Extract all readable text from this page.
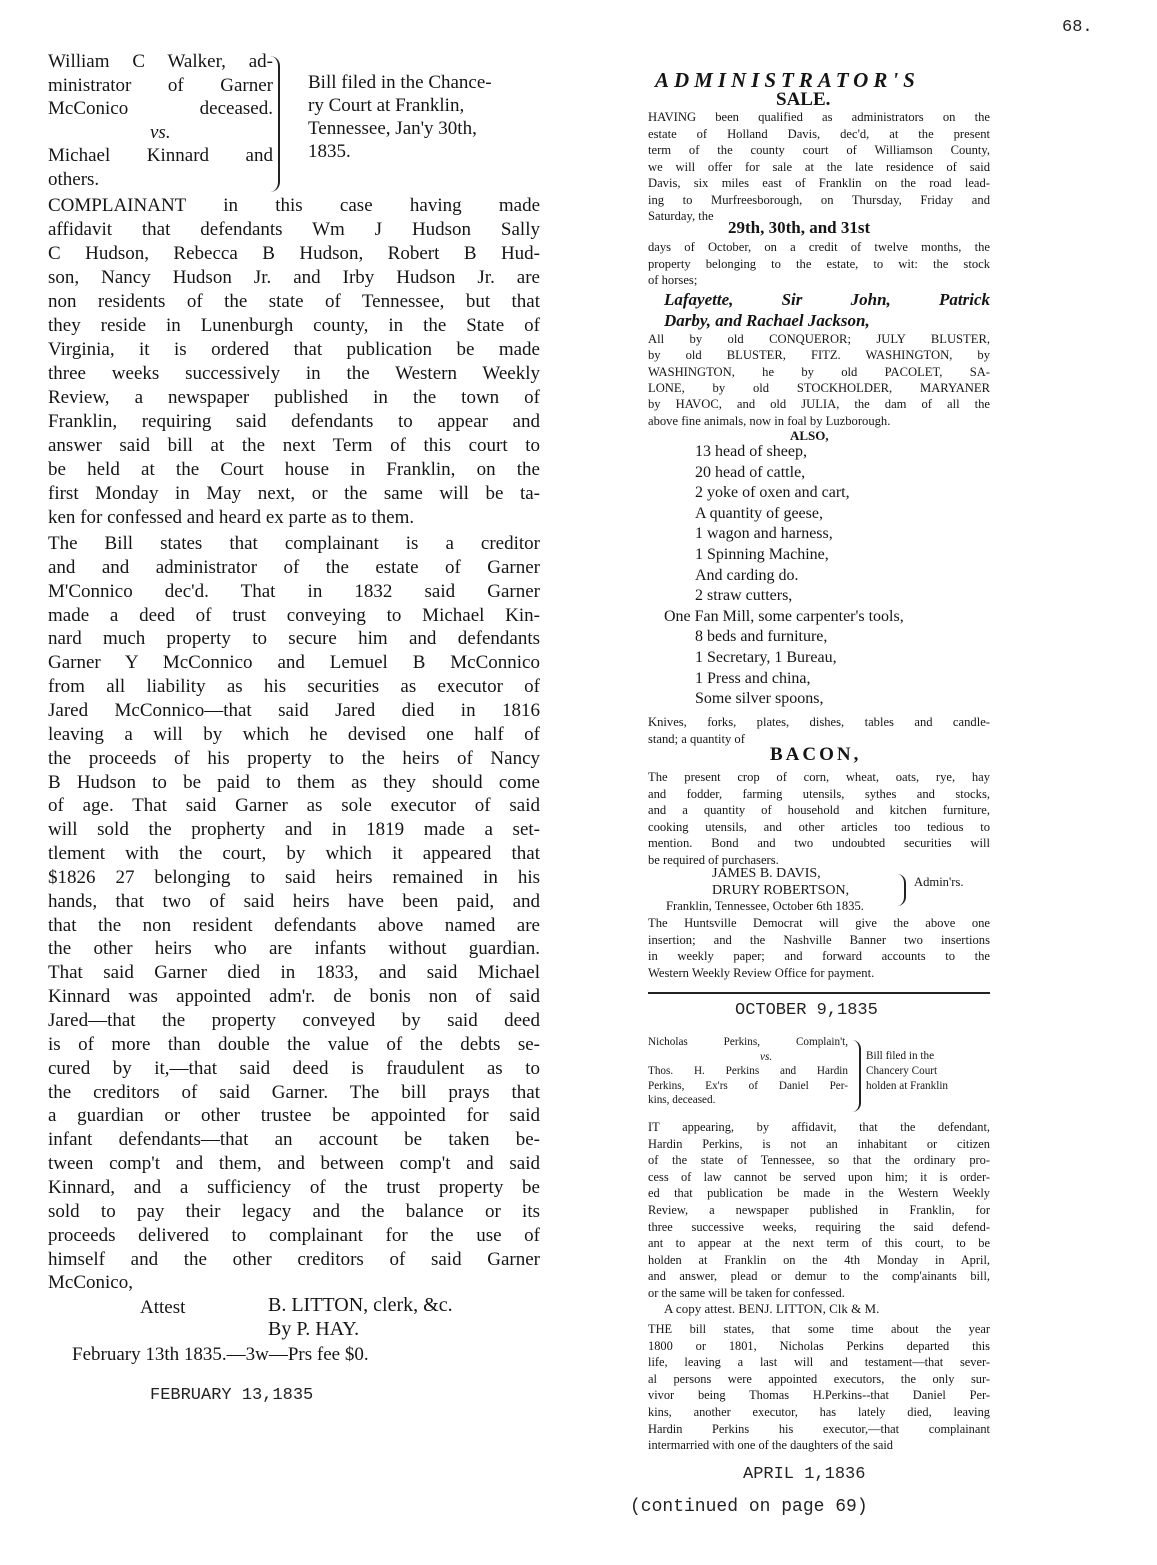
68.
William C Walker, ad-
ministrator of Garner
McConico deceased.
vs.
Michael Kinnard and
others.
Bill filed in the Chance-
ry Court at Franklin,
Tennessee, Jan'y 30th,
1835.
COMPLAINANT in this case having made
affidavit that defendants Wm J Hudson Sally
C Hudson, Rebecca B Hudson, Robert B Hud-
son, Nancy Hudson Jr. and Irby Hudson Jr. are
non residents of the state of Tennessee, but that
they reside in Lunenburgh county, in the State of
Virginia, it is ordered that publication be made
three weeks successively in the Western Weekly
Review, a newspaper published in the town of
Franklin, requiring said defendants to appear and
answer said bill at the next Term of this court to
be held at the Court house in Franklin, on the
first Monday in May next, or the same will be ta-
ken for confessed and heard ex parte as to them.
The Bill states that complainant is a creditor
and and administrator of the estate of Garner
M'Connico dec'd. That in 1832 said Garner
made a deed of trust conveying to Michael Kin-
nard much property to secure him and defendants
Garner Y McConnico and Lemuel B McConnico
from all liability as his securities as executor of
Jared McConnico—that said Jared died in 1816
leaving a will by which he devised one half of
the proceeds of his property to the heirs of Nancy
B Hudson to be paid to them as they should come
of age. That said Garner as sole executor of said
will sold the propherty and in 1819 made a set-
tlement with the court, by which it appeared that
$1826 27 belonging to said heirs remained in his
hands, that two of said heirs have been paid, and
that the non resident defendants above named are
the other heirs who are infants without guardian.
That said Garner died in 1833, and said Michael
Kinnard was appointed adm'r. de bonis non of said
Jared—that the property conveyed by said deed
is of more than double the value of the debts se-
cured by it,—that said deed is fraudulent as to
the creditors of said Garner. The bill prays that
a guardian or other trustee be appointed for said
infant defendants—that an account be taken be-
tween comp't and them, and between comp't and said
Kinnard, and a sufficiency of the trust property be
sold to pay their legacy and the balance or its
proceeds delivered to complainant for the use of
himself and the other creditors of said Garner
McConico,
Attest	B. LITTON, clerk, &c.
By P. HAY.
February 13th 1835.—3w—Prs fee $0.
FEBRUARY 13,1835
ADMINISTRATOR'S
SALE.
HAVING been qualified as administrators on the
estate of Holland Davis, dec'd, at the present
term of the county court of Williamson County,
we will offer for sale at the late residence of said
Davis, six miles east of Franklin on the road lead-
ing to Murfreesborough, on Thursday, Friday and
Saturday, the
29th, 30th, and 31st
days of October, on a credit of twelve months, the
property belonging to the estate, to wit: the stock
of horses;
Lafayette, Sir John, Patrick
Darby, and Rachael Jackson,
All by old CONQUEROR; JULY BLUSTER,
by old BLUSTER, FITZ. WASHINGTON, by
WASHINGTON, he by old PACOLET, SA-
LONE, by old STOCKHOLDER, MARYANER
by HAVOC, and old JULIA, the dam of all the
above fine animals, now in foal by Luzborough.
ALSO,
13 head of sheep,
20 head of cattle,
2 yoke of oxen and cart,
A quantity of geese,
1 wagon and harness,
1 Spinning Machine,
And carding do.
2 straw cutters,
One Fan Mill, some carpenter's tools,
8 beds and furniture,
1 Secretary, 1 Bureau,
1 Press and china,
Some silver spoons,
Knives, forks, plates, dishes, tables and candle-
stand; a quantity of
BACON,
The present crop of corn, wheat, oats, rye, hay
and fodder, farming utensils, sythes and stocks,
and a quantity of household and kitchen furniture,
cooking utensils, and other articles too tedious to
mention. Bond and two undoubted securities will
be required of purchasers.
JAMES B. DAVIS,
DRURY ROBERTSON,
Admin'rs.
Franklin, Tennessee, October 6th 1835.
The Huntsville Democrat will give the above one
insertion; and the Nashville Banner two insertions
in weekly paper; and forward accounts to the
Western Weekly Review Office for payment.
OCTOBER 9,1835
Nicholas Perkins, Complain't,
vs.
Thos. H. Perkins and Hardin
Perkins, Ex'rs of Daniel Per-
kins, deceased.
Bill filed in the
Chancery Court
holden at Franklin
IT appearing, by affidavit, that the defendant,
Hardin Perkins, is not an inhabitant or citizen
of the state of Tennessee, so that the ordinary pro-
cess of law cannot be served upon him; it is order-
ed that publication be made in the Western Weekly
Review, a newspaper published in Franklin, for
three successive weeks, requiring the said defend-
ant to appear at the next term of this court, to be
holden at Franklin on the 4th Monday in April,
and answer, plead or demur to the comp'ainants bill,
or the same will be taken for confessed.
A copy attest. BENJ. LITTON, Clk & M.
THE bill states, that some time about the year
1800 or 1801, Nicholas Perkins departed this
life, leaving a last will and testament—that sever-
al persons were appointed executors, the only sur-
vivor being Thomas H.Perkins--that Daniel Per-
kins, another executor, has lately died, leaving
Hardin Perkins his executor,—that complainant
intermarried with one of the daughters of the said
APRIL 1,1836
(continued on page 69)
